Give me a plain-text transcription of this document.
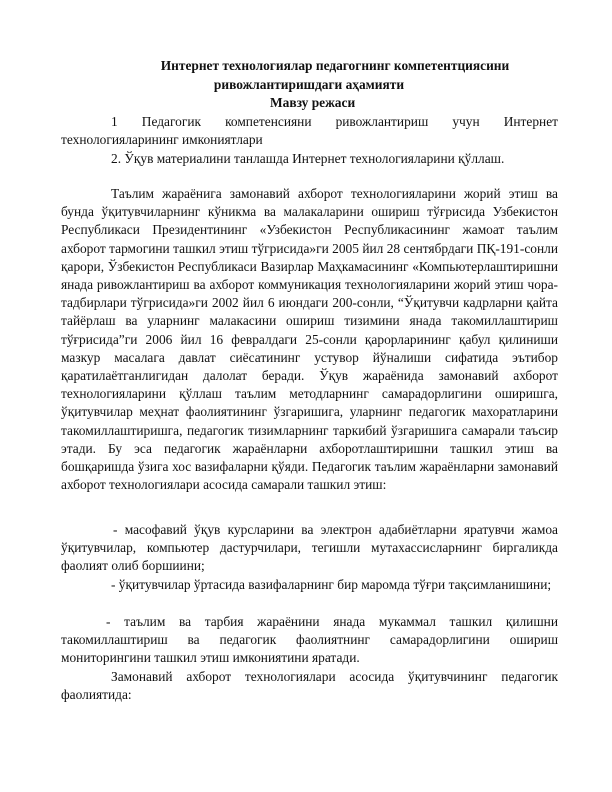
Интернет технологиялар педагогнинг компетентциясини
ривожлантиришдаги аҳамияти

Мавзу режаси

1 Педагогик компетенсияни ривожлантириш учун Интернет технологияларининг имкониятлари

2. Ўқув материалини танлашда Интернет технологияларини қўллаш.

Таълим жараёнига замонавий ахборот технологияларини жорий этиш ва бунда ўқитувчиларнинг кўникма ва малакаларини ошириш тўғрисида Узбекистон Республикаси Президентининг «Узбекистон Республикасининг жамоат таълим ахборот тармогини ташкил этиш тўгрисида»ги 2005 йил 28 сентябрдаги ПҚ-191-сонли қарори, Ўзбекистон Республикаси Вазирлар Маҳкамасининг «Компьютерлаштиришни янада ривожлантириш ва ахборот коммуникация технологияларини жорий этиш чора-тадбирлари тўгрисида»ги 2002 йил 6 июндаги 200-сонли, “Ўқитувчи кадрларни қайта тайёрлаш ва уларнинг малакасини ошириш тизимини янада такомиллаштириш тўғрисида”ги 2006 йил 16 февралдаги 25-сонли қарорларининг қабул қилиниши мазкур масалага давлат сиёсатининг устувор йўналиши сифатида эътибор қаратилаётганлигидан далолат беради. Ўқув жараёнида замонавий ахборот технологияларини қўллаш таълим методларнинг самарадорлигини оширишга, ўқитувчилар меҳнат фаолиятининг ўзгаришига, уларнинг педагогик махоратларини такомиллаштиришга, педагогик тизимларнинг таркибий ўзгаришига самарали таъсир этади. Бу эса педагогик жараёнларни ахборотлаштиришни ташкил этиш ва бошқаришда ўзига хос вазифаларни қўяди. Педагогик таълим жараёнларни замонавий ахборот технологиялари асосида самарали ташкил этиш:

- масофавий ўқув курсларини ва электрон адабиётларни яратувчи жамоа ўқитувчилар, компьютер дастурчилари, тегишли мутахассисларнинг биргаликда фаолият олиб боршиини;

- ўқитувчилар ўртасида вазифаларнинг бир маромда тўғри тақсимланишини;

- таълим ва тарбия жараёнини янада мукаммал ташкил қилишни такомиллаштириш ва педагогик фаолиятнинг самарадорлигини ошириш мониторингини ташкил этиш имкониятини яратади.

Замонавий ахборот технологиялари асосида ўқитувчининг педагогик фаолиятида:
